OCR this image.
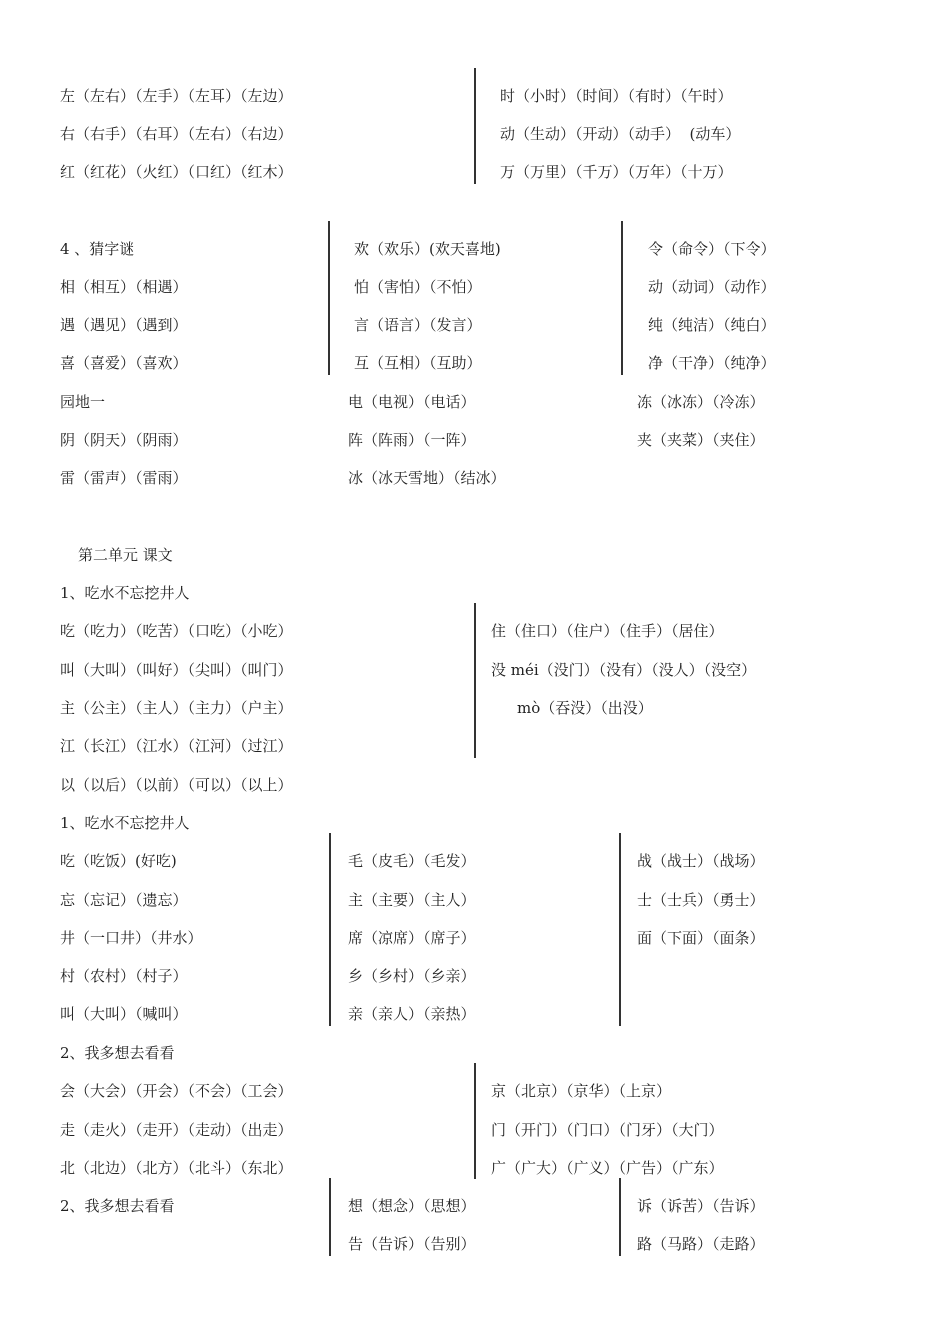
左（左右）（左手）（左耳）（左边）
右（右手）（右耳）（左右）（右边）
红（红花）（火红）（口红）（红木）
时（小时）（时间）（有时）（午时）
动（生动）（开动）（动手）  (动车）
万（万里）（千万）（万年）（十万）
4 、猜字谜
相（相互）（相遇）
遇（遇见）（遇到）
喜（喜爱）（喜欢）
欢（欢乐）(欢天喜地)
怕（害怕）（不怕）
言（语言）（发言）
互（互相）（互助）
令（命令）（下令）
动（动词）（动作）
纯（纯洁）（纯白）
净（干净）（纯净）
园地一
阴（阴天）（阴雨）
雷（雷声）（雷雨）
电（电视）（电话）
阵（阵雨）（一阵）
冰（冰天雪地）（结冰）
冻（冰冻）（冷冻）
夹（夹菜）（夹住）
第二单元 课文
1、吃水不忘挖井人
吃（吃力）（吃苦）（口吃）（小吃）
叫（大叫）（叫好）（尖叫）（叫门）
主（公主）（主人）（主力）（户主）
江（长江）（江水）（江河）（过江）
以（以后）（以前）（可以）（以上）
住（住口）（住户）（住手）（居住）
没 méi（没门）（没有）（没人）（没空）
mò（吞没）（出没）
1、吃水不忘挖井人
吃（吃饭）(好吃)
忘（忘记）（遗忘）
井（一口井）（井水）
村（农村）（村子）
叫（大叫）（喊叫）
毛（皮毛）（毛发）
主（主要）（主人）
席（凉席）（席子）
乡（乡村）（乡亲）
亲（亲人）（亲热）
战（战士）（战场）
士（士兵）（勇士）
面（下面）（面条）
2、我多想去看看
会（大会）（开会）（不会）（工会）
走（走火）（走开）（走动）（出走）
北（北边）（北方）（北斗）（东北）
京（北京）（京华）（上京）
门（开门）（门口）（门牙）（大门）
广（广大）（广义）（广告）（广东）
2、我多想去看看	想（想念）（思想）
告（告诉）（告别）
诉（诉苦）（告诉）
路（马路）（走路）
